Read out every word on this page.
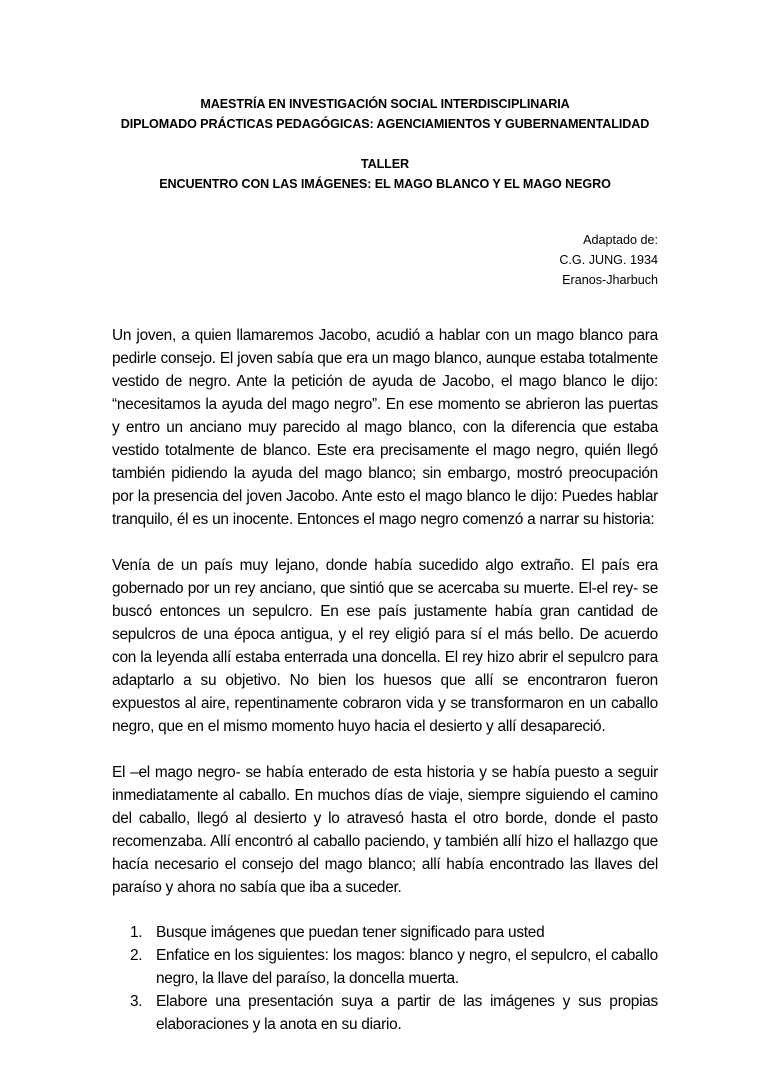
MAESTRÍA EN INVESTIGACIÓN SOCIAL INTERDISCIPLINARIA
DIPLOMADO PRÁCTICAS PEDAGÓGICAS: AGENCIAMIENTOS Y GUBERNAMENTALIDAD
TALLER
ENCUENTRO CON LAS IMÁGENES: EL MAGO BLANCO Y EL MAGO NEGRO
Adaptado de:
C.G. JUNG. 1934
Eranos-Jharbuch

Un joven, a quien llamaremos Jacobo, acudió a hablar con un mago blanco para pedirle consejo. El joven sabía que era un mago blanco, aunque estaba totalmente vestido de negro. Ante la petición de ayuda de Jacobo, el mago blanco le dijo: “necesitamos la ayuda del mago negro”. En ese momento se abrieron las puertas y entro un anciano muy parecido al mago blanco, con la diferencia que estaba vestido totalmente de blanco. Este era precisamente el mago negro, quién llegó también pidiendo la ayuda del mago blanco; sin embargo, mostró preocupación por la presencia del joven Jacobo. Ante esto el mago blanco le dijo: Puedes hablar tranquilo, él es un inocente. Entonces el mago negro comenzó a narrar su historia:

Venía de un país muy lejano, donde había sucedido algo extraño. El país era gobernado por un rey anciano, que sintió que se acercaba su muerte. El-el rey- se buscó entonces un sepulcro. En ese país justamente había gran cantidad de sepulcros de una época antigua, y el rey eligió para sí el más bello. De acuerdo con la leyenda allí estaba enterrada una doncella. El rey hizo abrir el sepulcro para adaptarlo a su objetivo. No bien los huesos que allí se encontraron fueron expuestos al aire, repentinamente cobraron vida y se transformaron en un caballo negro, que en el mismo momento huyo hacia el desierto y allí desapareció.

El –el mago negro- se había enterado de esta historia y se había puesto a seguir inmediatamente al caballo. En muchos días de viaje, siempre siguiendo el camino del caballo, llegó al desierto y lo atravesó hasta el otro borde, donde el pasto recomenzaba. Allí encontró al caballo paciendo, y también allí hizo el hallazgo que hacía necesario el consejo del mago blanco; allí había encontrado las llaves del paraíso y ahora no sabía que iba a suceder.

1. Busque imágenes que puedan tener significado para usted
2. Enfatice en los siguientes: los magos: blanco y negro, el sepulcro, el caballo negro, la llave del paraíso, la doncella muerta.
3. Elabore una presentación suya a partir de las imágenes y sus propias elaboraciones y la anota en su diario.
